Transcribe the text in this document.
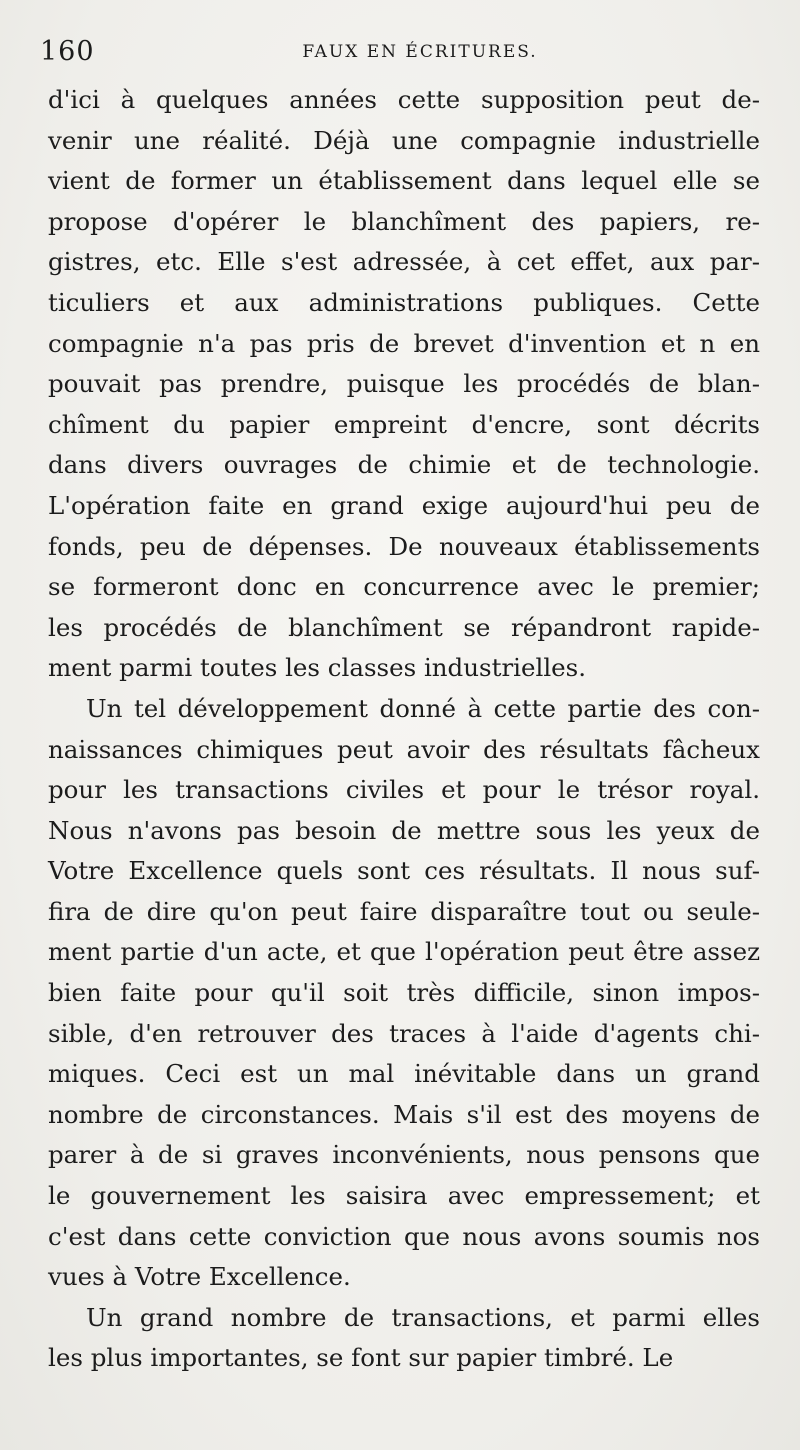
160	FAUX EN ÉCRITURES.
d'ici à quelques années cette supposition peut de-
venir une réalité. Déjà une compagnie industrielle
vient de former un établissement dans lequel elle se
propose d'opérer le blanchîment des papiers, re-
gistres, etc. Elle s'est adressée, à cet effet, aux par-
ticuliers et aux administrations publiques. Cette
compagnie n'a pas pris de brevet d'invention et n en
pouvait pas prendre, puisque les procédés de blan-
chîment du papier empreint d'encre, sont décrits
dans divers ouvrages de chimie et de technologie.
L'opération faite en grand exige aujourd'hui peu de
fonds, peu de dépenses. De nouveaux établissements
se formeront donc en concurrence avec le premier;
les procédés de blanchîment se répandront rapide-
ment parmi toutes les classes industrielles.
Un tel développement donné à cette partie des con-
naissances chimiques peut avoir des résultats fâcheux
pour les transactions civiles et pour le trésor royal.
Nous n'avons pas besoin de mettre sous les yeux de
Votre Excellence quels sont ces résultats. Il nous suf-
fira de dire qu'on peut faire disparaître tout ou seule-
ment partie d'un acte, et que l'opération peut être assez
bien faite pour qu'il soit très difficile, sinon impos-
sible, d'en retrouver des traces à l'aide d'agents chi-
miques. Ceci est un mal inévitable dans un grand
nombre de circonstances. Mais s'il est des moyens de
parer à de si graves inconvénients, nous pensons que
le gouvernement les saisira avec empressement; et
c'est dans cette conviction que nous avons soumis nos
vues à Votre Excellence.
Un grand nombre de transactions, et parmi elles
les plus importantes, se font sur papier timbré. Le
